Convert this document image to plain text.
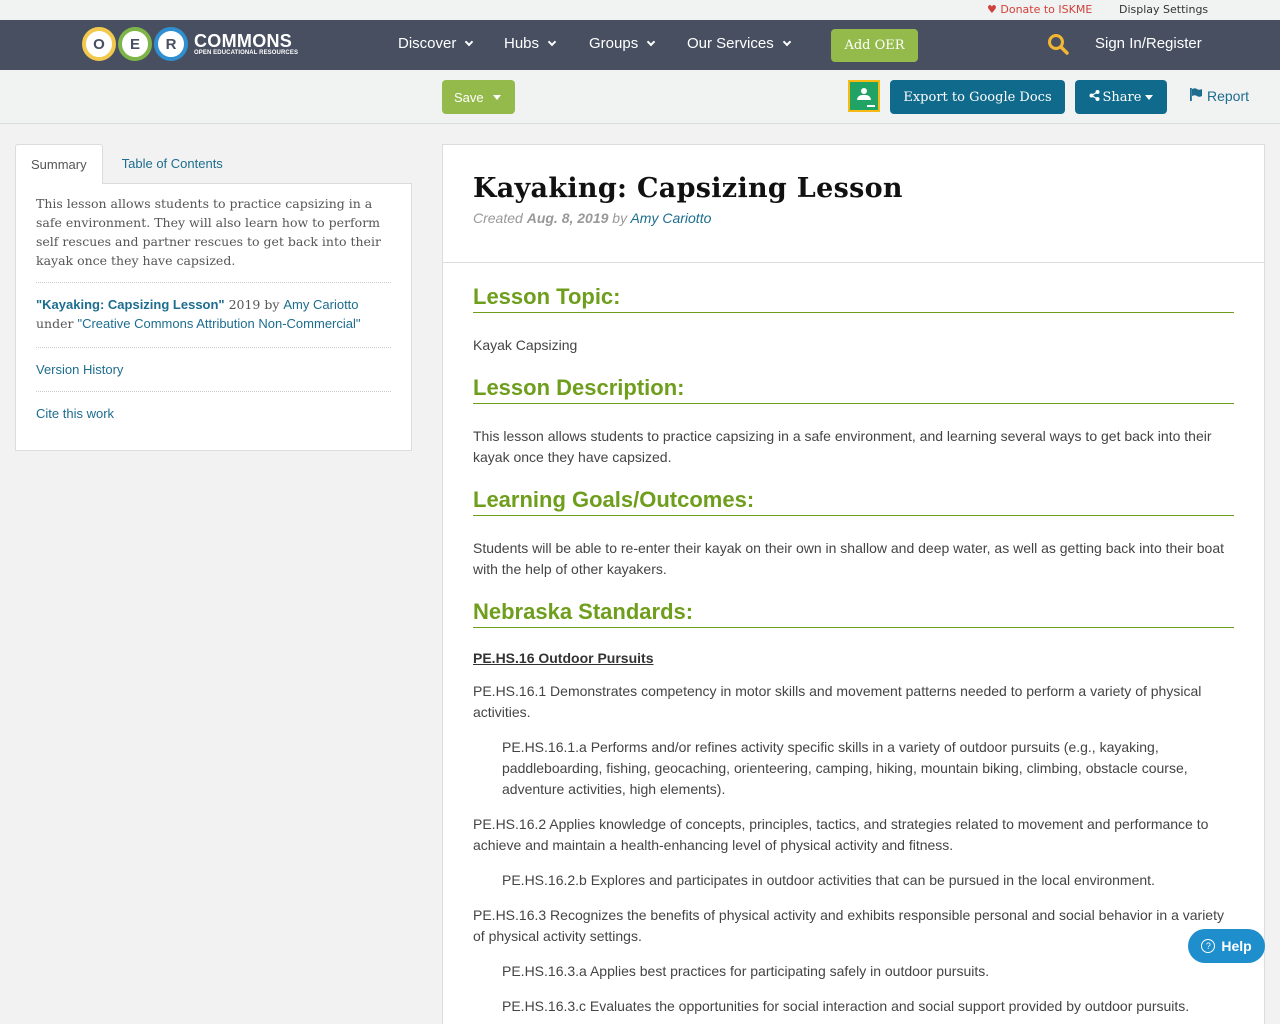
♥ Donate to ISKME Display Settings
O	E	R COMMONS
OPEN EDUCATIONAL RESOURCES
Discover	Hubs	Groups	Our Services	Add OER	Sign In/Register
Save	Export to Google Docs	Share	Report
Summary	Table of Contents

This lesson allows students to practice capsizing in a safe environment. They will also learn how to perform self rescues and partner rescues to get back into their kayak once they have capsized.

"Kayaking: Capsizing Lesson" 2019 by Amy Cariotto
under "Creative Commons Attribution Non-Commercial"
Version History
Cite this work
Kayaking: Capsizing Lesson
Created Aug. 8, 2019 by Amy Cariotto
Lesson Topic:

Kayak Capsizing

Lesson Description:

This lesson allows students to practice capsizing in a safe environment, and learning several ways to get back into their kayak once they have capsized.

Learning Goals/Outcomes:

Students will be able to re-enter their kayak on their own in shallow and deep water, as well as getting back into their boat with the help of other kayakers.

Nebraska Standards:

PE.HS.16 Outdoor Pursuits

PE.HS.16.1 Demonstrates competency in motor skills and movement patterns needed to perform a variety of physical activities.

PE.HS.16.1.a Performs and/or refines activity specific skills in a variety of outdoor pursuits (e.g., kayaking, paddleboarding, fishing, geocaching, orienteering, camping, hiking, mountain biking, climbing, obstacle course, adventure activities, high elements).

PE.HS.16.2 Applies knowledge of concepts, principles, tactics, and strategies related to movement and performance to achieve and maintain a health-enhancing level of physical activity and fitness.

PE.HS.16.2.b Explores and participates in outdoor activities that can be pursued in the local environment.

PE.HS.16.3 Recognizes the benefits of physical activity and exhibits responsible personal and social behavior in a variety of physical activity settings.

PE.HS.16.3.a Applies best practices for participating safely in outdoor pursuits.

PE.HS.16.3.c Evaluates the opportunities for social interaction and social support provided by outdoor pursuits.

? Help
